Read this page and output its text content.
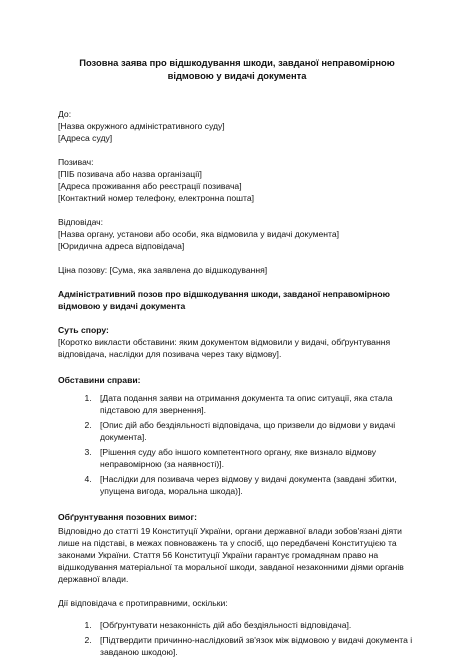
Позовна заява про відшкодування шкоди, завданої неправомірною
відмовою у видачі документа
До:
[Назва окружного адміністративного суду]
[Адреса суду]
Позивач:
[ПІБ позивача або назва організації]
[Адреса проживання або реєстрації позивача]
[Контактний номер телефону, електронна пошта]
Відповідач:
[Назва органу, установи або особи, яка відмовила у видачі документа]
[Юридична адреса відповідача]
Ціна позову: [Сума, яка заявлена до відшкодування]
Адміністративний позов про відшкодування шкоди, завданої неправомірною
відмовою у видачі документа
Суть спору:
[Коротко викласти обставини: яким документом відмовили у видачі, обґрунтування
відповідача, наслідки для позивача через таку відмову].
Обставини справи:
1. [Дата подання заяви на отримання документа та опис ситуації, яка стала
підставою для звернення].
2. [Опис дій або бездіяльності відповідача, що призвели до відмови у видачі
документа].
3. [Рішення суду або іншого компетентного органу, яке визнало відмову
неправомірною (за наявності)].
4. [Наслідки для позивача через відмову у видачі документа (завдані збитки,
упущена вигода, моральна шкода)].
Обґрунтування позовних вимог:
Відповідно до статті 19 Конституції України, органи державної влади зобов'язані діяти
лише на підставі, в межах повноважень та у спосіб, що передбачені Конституцією та
законами України. Стаття 56 Конституції України гарантує громадянам право на
відшкодування матеріальної та моральної шкоди, завданої незаконними діями органів
державної влади.
Дії відповідача є протиправними, оскільки:
1. [Обґрунтувати незаконність дій або бездіяльності відповідача].
2. [Підтвердити причинно-наслідковий зв'язок між відмовою у видачі документа і
завданою шкодою].
